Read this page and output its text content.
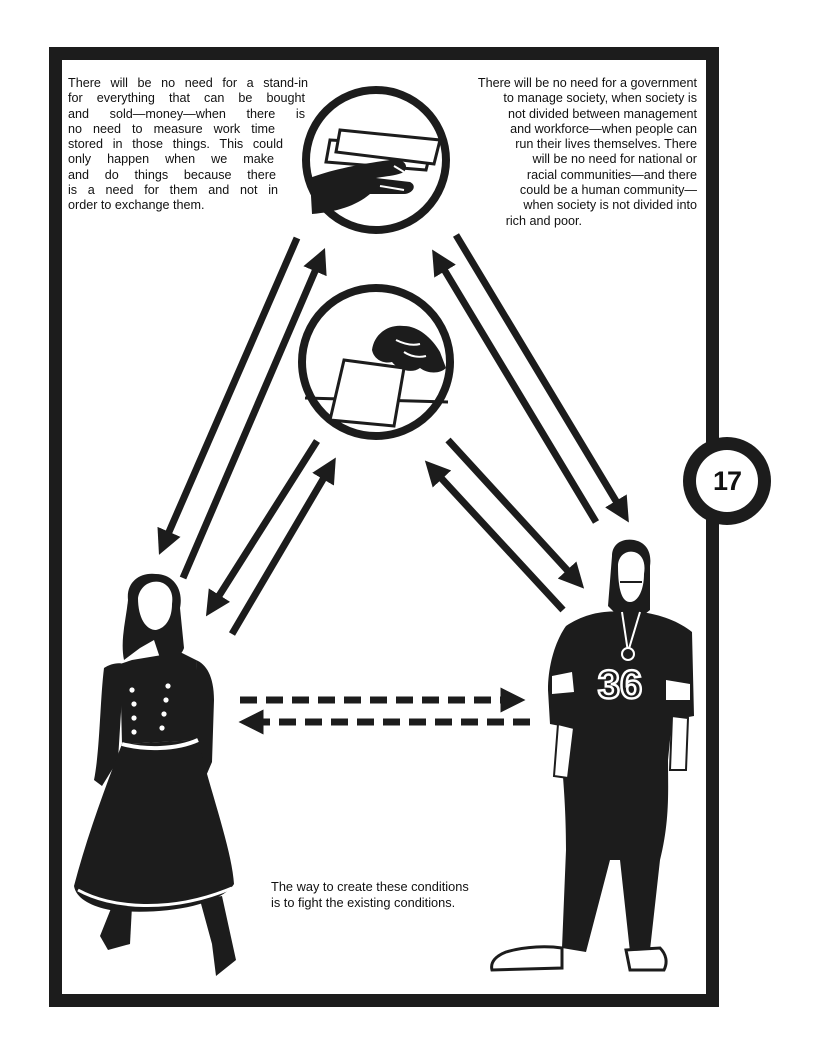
There will be no need for a stand-in
for everything that can be bought
and sold—money—when there is
no need to measure work time
stored in those things. This could
only happen when we make
and do things because there
is a need for them and not in
order to exchange them.
There will be no need for a government
to manage society, when society is
not divided between management
and workforce—when people can
run their lives themselves. There
will be no need for national or
racial communities—and there
could be a human community—
when society is not divided into
rich and poor.
The way to create these conditions
is to fight the existing conditions.
17
36
